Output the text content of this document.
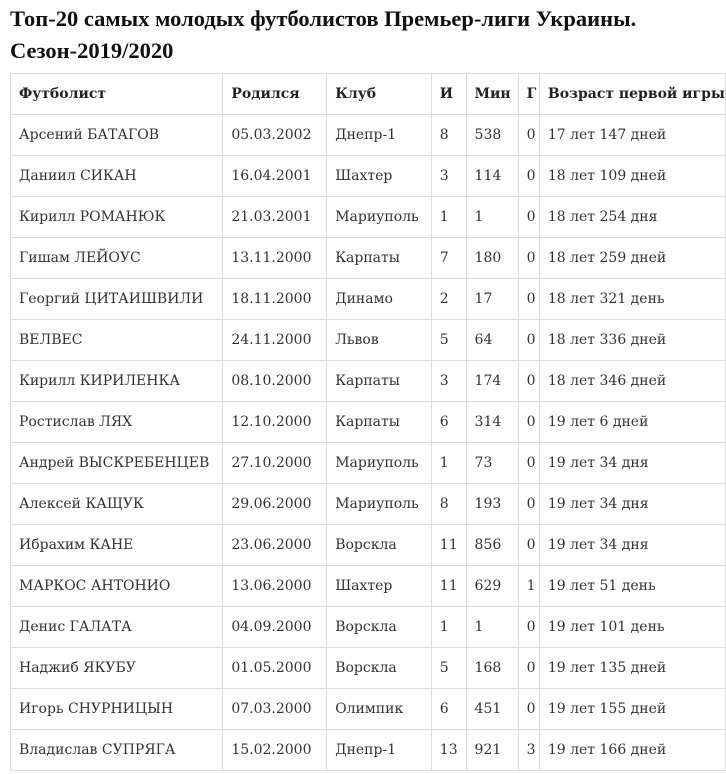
Топ-20 самых молодых футболистов Премьер-лиги Украины.
Сезон-2019/2020
Футболист	Родился	Клуб	И	Мин	Г	Возраст первой игры
Арсений БАТАГОВ	05.03.2002	Днепр-1	8	538	0	17 лет 147 дней
Даниил СИКАН	16.04.2001	Шахтер	3	114	0	18 лет 109 дней
Кирилл РОМАНЮК	21.03.2001	Мариуполь	1	1	0	18 лет 254 дня
Гишам ЛЕЙОУС	13.11.2000	Карпаты	7	180	0	18 лет 259 дней
Георгий ЦИТАИШВИЛИ	18.11.2000	Динамо	2	17	0	18 лет 321 день
ВЕЛВЕС	24.11.2000	Львов	5	64	0	18 лет 336 дней
Кирилл КИРИЛЕНКА	08.10.2000	Карпаты	3	174	0	18 лет 346 дней
Ростислав ЛЯХ	12.10.2000	Карпаты	6	314	0	19 лет 6 дней
Андрей ВЫСКРЕБЕНЦЕВ	27.10.2000	Мариуполь	1	73	0	19 лет 34 дня
Алексей КАЩУК	29.06.2000	Мариуполь	8	193	0	19 лет 34 дня
Ибрахим КАНЕ	23.06.2000	Ворскла	11	856	0	19 лет 34 дня
МАРКОС АНТОНИО	13.06.2000	Шахтер	11	629	1	19 лет 51 день
Денис ГАЛАТА	04.09.2000	Ворскла	1	1	0	19 лет 101 день
Наджиб ЯКУБУ	01.05.2000	Ворскла	5	168	0	19 лет 135 дней
Игорь СНУРНИЦЫН	07.03.2000	Олимпик	6	451	0	19 лет 155 дней
Владислав СУПРЯГА	15.02.2000	Днепр-1	13	921	3	19 лет 166 дней
